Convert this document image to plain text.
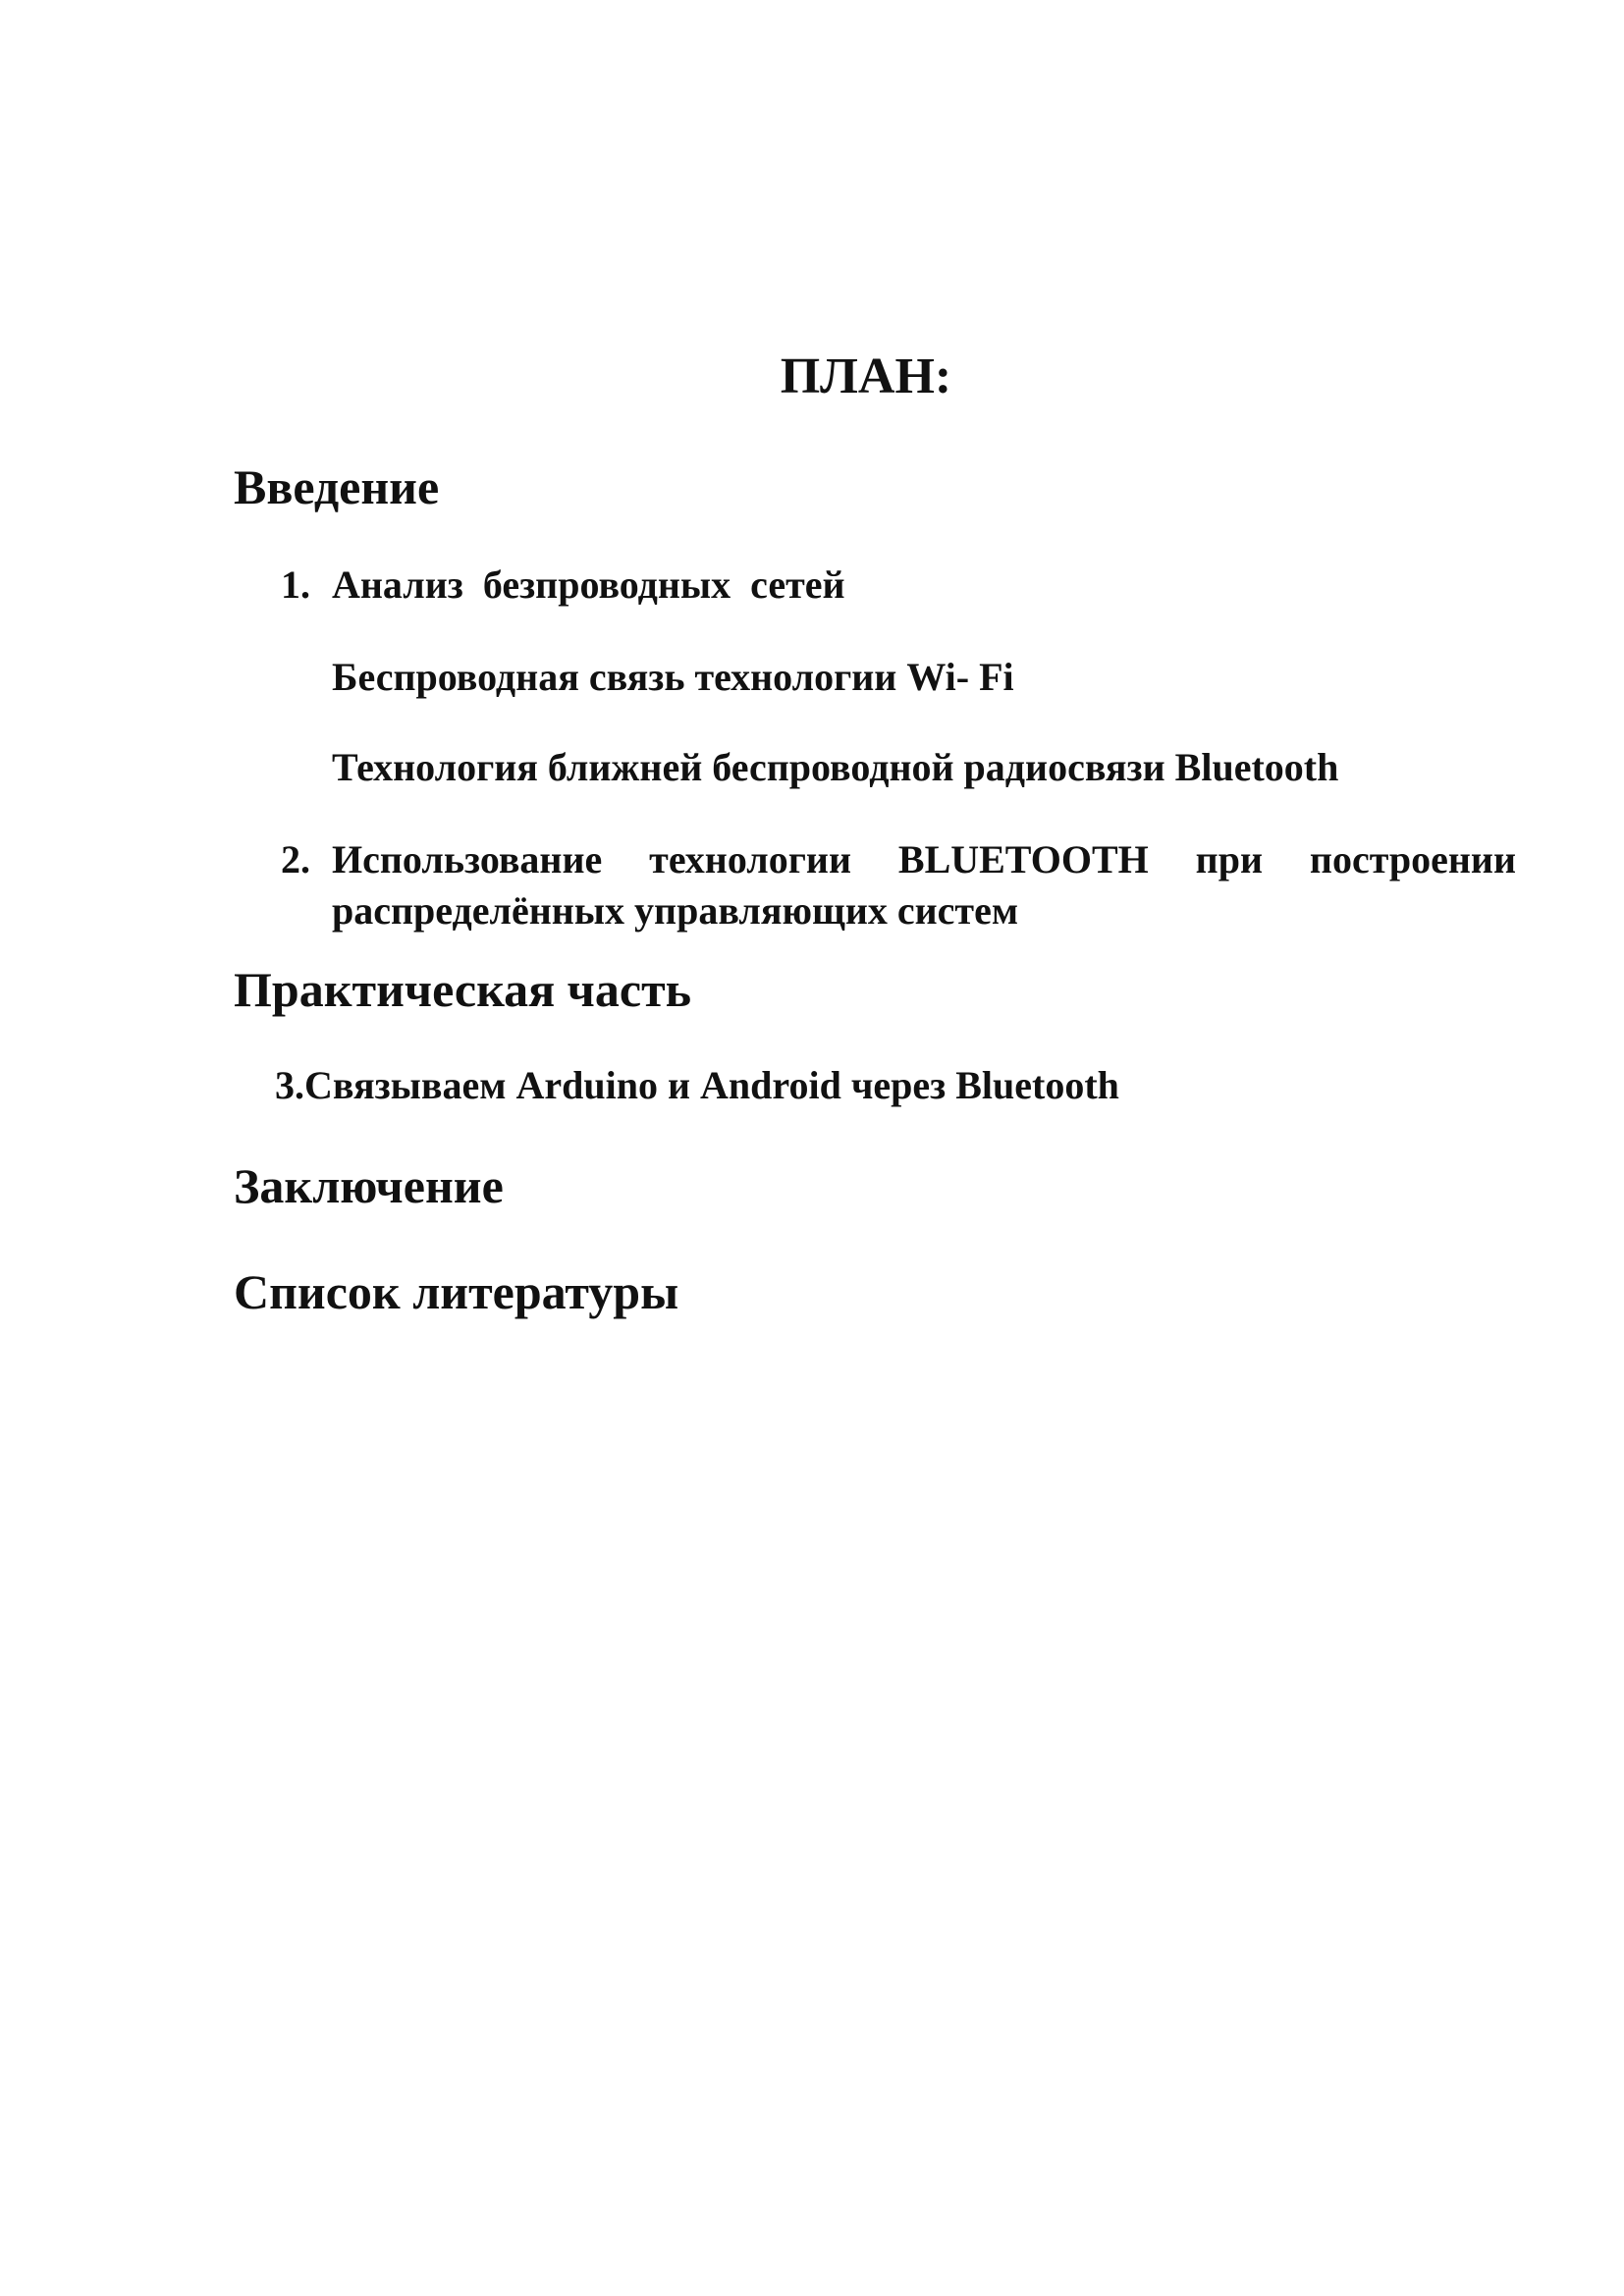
ПЛАН:
Введение
1. Анализ  безпроводных  сетей
Беспроводная связь технологии Wi- Fi
Технология ближней беспроводной радиосвязи Bluetooth
2. Использование технологии BLUETOOTH при построении
распределённых управляющих систем
Практическая часть
3.Связываем Arduino и Android через Bluetooth
Заключение
Список литературы
